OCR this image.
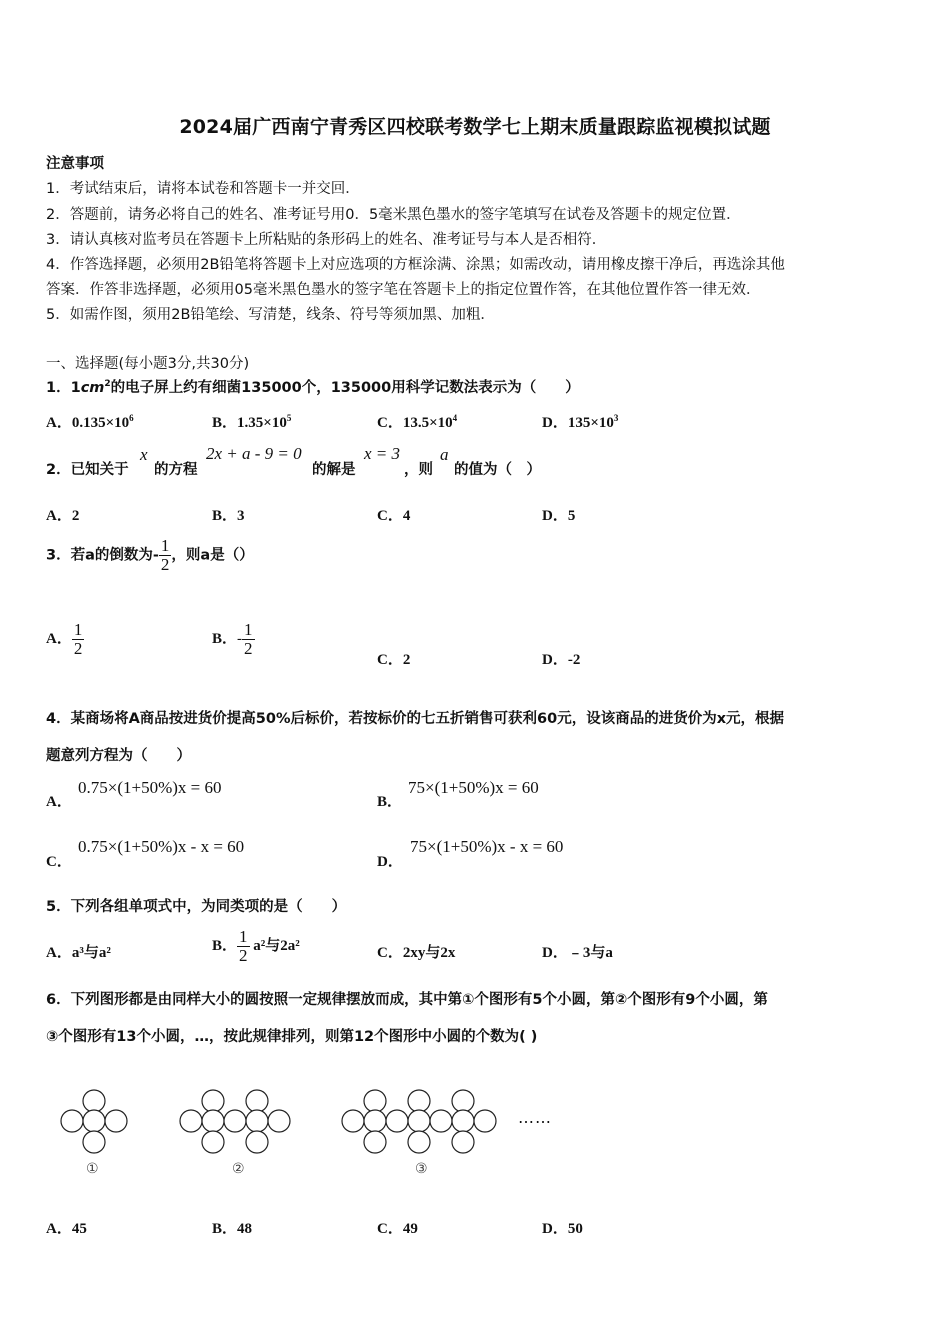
2024届广西南宁青秀区四校联考数学七上期末质量跟踪监视模拟试题
注意事项
1．考试结束后，请将本试卷和答题卡一并交回．
2．答题前，请务必将自己的姓名、准考证号用0．5毫米黑色墨水的签字笔填写在试卷及答题卡的规定位置．
3．请认真核对监考员在答题卡上所粘贴的条形码上的姓名、准考证号与本人是否相符．
4．作答选择题，必须用2B铅笔将答题卡上对应选项的方框涂满、涂黑；如需改动，请用橡皮擦干净后，再选涂其他
答案．作答非选择题，必须用05毫米黑色墨水的签字笔在答题卡上的指定位置作答，在其他位置作答一律无效．
5．如需作图，须用2B铅笔绘、写清楚，线条、符号等须加黑、加粗．
一、选择题(每小题3分,共30分)
1．$1cm^2$的电子屏上约有细菌135000个，135000用科学记数法表示为（　　）
A．$0.135\times 10^6$	B．$1.35\times 10^5$	C．$13.5\times 10^4$	D．$135\times 10^3$
2．已知关于
x
的方程
2x + a - 9 = 0
的解是
x = 3
，则
a
的值为（　）
A．2	B．3	C．4	D．5
3．若a的倒数为- $\frac{1}{2}$ ，则a是（）
A． $\frac{1}{2}$	B．- $\frac{1}{2}$
C．2	D．-2
4．某商场将A商品按进货价提高50%后标价，若按标价的七五折销售可获利60元，设该商品的进货价为x元，根据
题意列方程为（　　）
A．
0.75×(1+50%)x = 60
B．
75×(1+50%)x = 60
C．
0.75×(1+50%)x - x = 60
D．
75×(1+50%)x - x = 60
5．下列各组单项式中，为同类项的是（　　）
A．a³与a²	B． $\frac{1}{2} a^2$与2a²	C．2xy与2x	D．﹣3与a
6．下列图形都是由同样大小的圆按照一定规律摆放而成，其中第①个图形有5个小圆，第②个图形有9个小圆，第
③个图形有13个小圆，…，按此规律排列，则第12个图形中小圆的个数为( )
……
①	②	③
A．45	B．48	C．49	D．50
